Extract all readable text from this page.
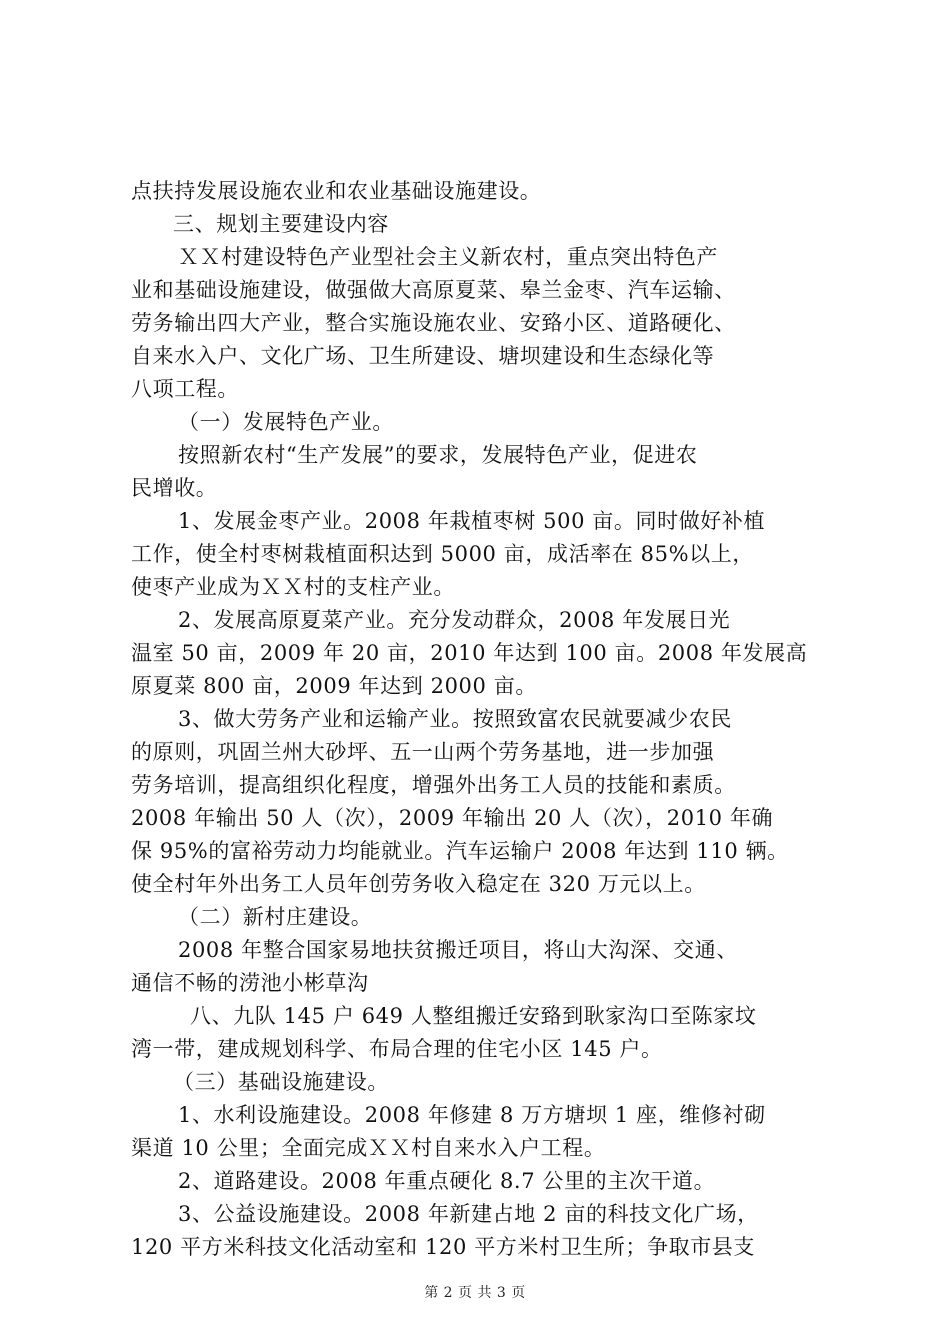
点扶持发展设施农业和农业基础设施建设。

三、规划主要建设内容

ＸＸ村建设特色产业型社会主义新农村，重点突出特色产

业和基础设施建设，做强做大高原夏菜、皋兰金枣、汽车运输、

劳务输出四大产业，整合实施设施农业、安臵小区、道路硬化、

自来水入户、文化广场、卫生所建设、塘坝建设和生态绿化等

八项工程。

（一）发展特色产业。

按照新农村“生产发展”的要求，发展特色产业，促进农

民增收。

1、发展金枣产业。2008 年栽植枣树 500 亩。同时做好补植

工作，使全村枣树栽植面积达到 5000 亩，成活率在 85%以上，

使枣产业成为ＸＸ村的支柱产业。

2、发展高原夏菜产业。充分发动群众，2008 年发展日光

温室 50 亩，2009 年 20 亩，2010 年达到 100 亩。2008 年发展高

原夏菜 800 亩，2009 年达到 2000 亩。

3、做大劳务产业和运输产业。按照致富农民就要减少农民

的原则，巩固兰州大砂坪、五一山两个劳务基地，进一步加强

劳务培训，提高组织化程度，增强外出务工人员的技能和素质。

2008 年输出 50 人（次），2009 年输出 20 人（次），2010 年确

保 95%的富裕劳动力均能就业。汽车运输户 2008 年达到 110 辆。

使全村年外出务工人员年创劳务收入稳定在 320 万元以上。

（二）新村庄建设。

2008 年整合国家易地扶贫搬迁项目，将山大沟深、交通、

通信不畅的涝池小彬草沟

八、九队 145 户 649 人整组搬迁安臵到耿家沟口至陈家坟

湾一带，建成规划科学、布局合理的住宅小区 145 户。

（三）基础设施建设。

1、水利设施建设。2008 年修建 8 万方塘坝 1 座，维修衬砌

渠道 10 公里；全面完成ＸＸ村自来水入户工程。

2、道路建设。2008 年重点硬化 8.7 公里的主次干道。

3、公益设施建设。2008 年新建占地 2 亩的科技文化广场，

120 平方米科技文化活动室和 120 平方米村卫生所；争取市县支

第 2 页 共 3 页
